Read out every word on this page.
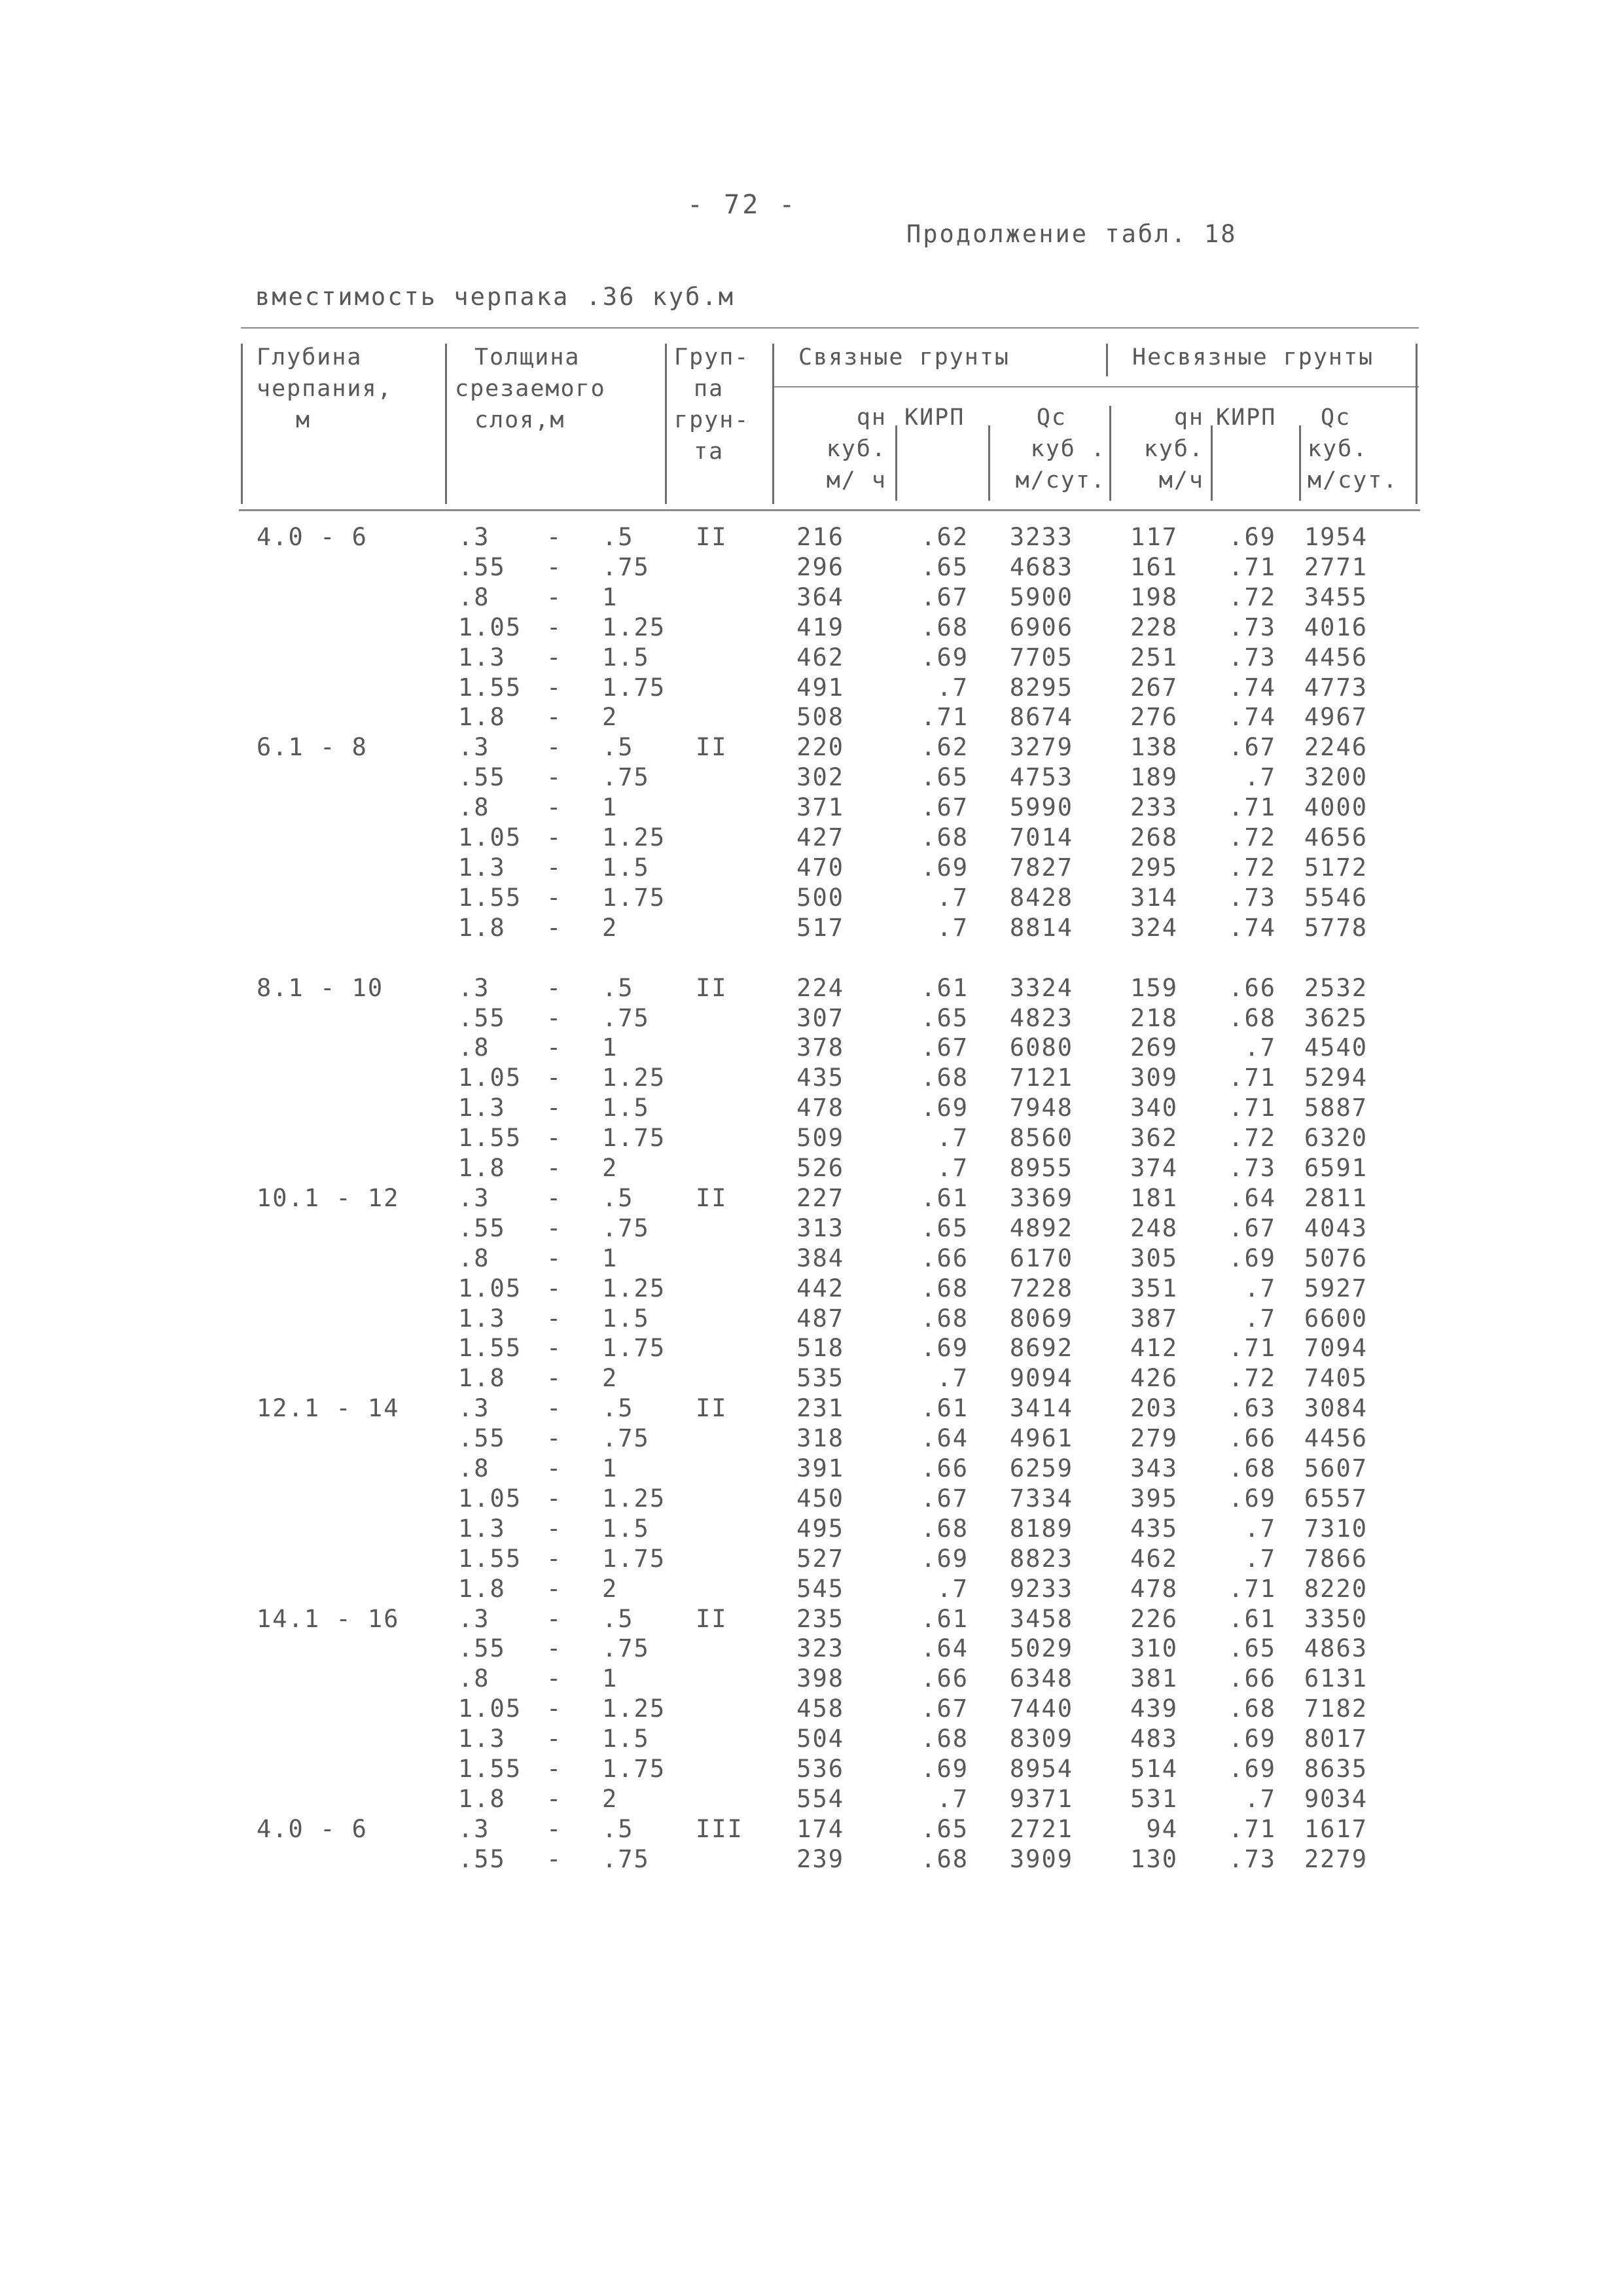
- 72 -
Продолжение табл. 18
вместимость черпака .36 куб.м
Глубина
черпания,
м
Толщина
срезаемого
слоя,м
Груп-
па
грун-
та
Связные грунты	Несвязные грунты
qн
куб.
м/ ч
КИРП	Qc
куб .
м/сут.
qн
куб.
м/ч
КИРП	Qc
куб.
м/сут.
4.0 - 6	.3	-	.5	II	216	.62	3233	117	.69	1954
.55	-	.75	296	.65	4683	161	.71	2771
.8	-	1	364	.67	5900	198	.72	3455
1.05	-	1.25	419	.68	6906	228	.73	4016
1.3	-	1.5	462	.69	7705	251	.73	4456
1.55	-	1.75	491	.7	8295	267	.74	4773
1.8	-	2	508	.71	8674	276	.74	4967
6.1 - 8	.3	-	.5	II	220	.62	3279	138	.67	2246
.55	-	.75	302	.65	4753	189	.7	3200
.8	-	1	371	.67	5990	233	.71	4000
1.05	-	1.25	427	.68	7014	268	.72	4656
1.3	-	1.5	470	.69	7827	295	.72	5172
1.55	-	1.75	500	.7	8428	314	.73	5546
1.8	-	2	517	.7	8814	324	.74	5778
8.1 - 10	.3	-	.5	II	224	.61	3324	159	.66	2532
.55	-	.75	307	.65	4823	218	.68	3625
.8	-	1	378	.67	6080	269	.7	4540
1.05	-	1.25	435	.68	7121	309	.71	5294
1.3	-	1.5	478	.69	7948	340	.71	5887
1.55	-	1.75	509	.7	8560	362	.72	6320
1.8	-	2	526	.7	8955	374	.73	6591
10.1 - 12	.3	-	.5	II	227	.61	3369	181	.64	2811
.55	-	.75	313	.65	4892	248	.67	4043
.8	-	1	384	.66	6170	305	.69	5076
1.05	-	1.25	442	.68	7228	351	.7	5927
1.3	-	1.5	487	.68	8069	387	.7	6600
1.55	-	1.75	518	.69	8692	412	.71	7094
1.8	-	2	535	.7	9094	426	.72	7405
12.1 - 14	.3	-	.5	II	231	.61	3414	203	.63	3084
.55	-	.75	318	.64	4961	279	.66	4456
.8	-	1	391	.66	6259	343	.68	5607
1.05	-	1.25	450	.67	7334	395	.69	6557
1.3	-	1.5	495	.68	8189	435	.7	7310
1.55	-	1.75	527	.69	8823	462	.7	7866
1.8	-	2	545	.7	9233	478	.71	8220
14.1 - 16	.3	-	.5	II	235	.61	3458	226	.61	3350
.55	-	.75	323	.64	5029	310	.65	4863
.8	-	1	398	.66	6348	381	.66	6131
1.05	-	1.25	458	.67	7440	439	.68	7182
1.3	-	1.5	504	.68	8309	483	.69	8017
1.55	-	1.75	536	.69	8954	514	.69	8635
1.8	-	2	554	.7	9371	531	.7	9034
4.0 - 6	.3	-	.5	III	174	.65	2721	94	.71	1617
.55	-	.75	239	.68	3909	130	.73	2279
